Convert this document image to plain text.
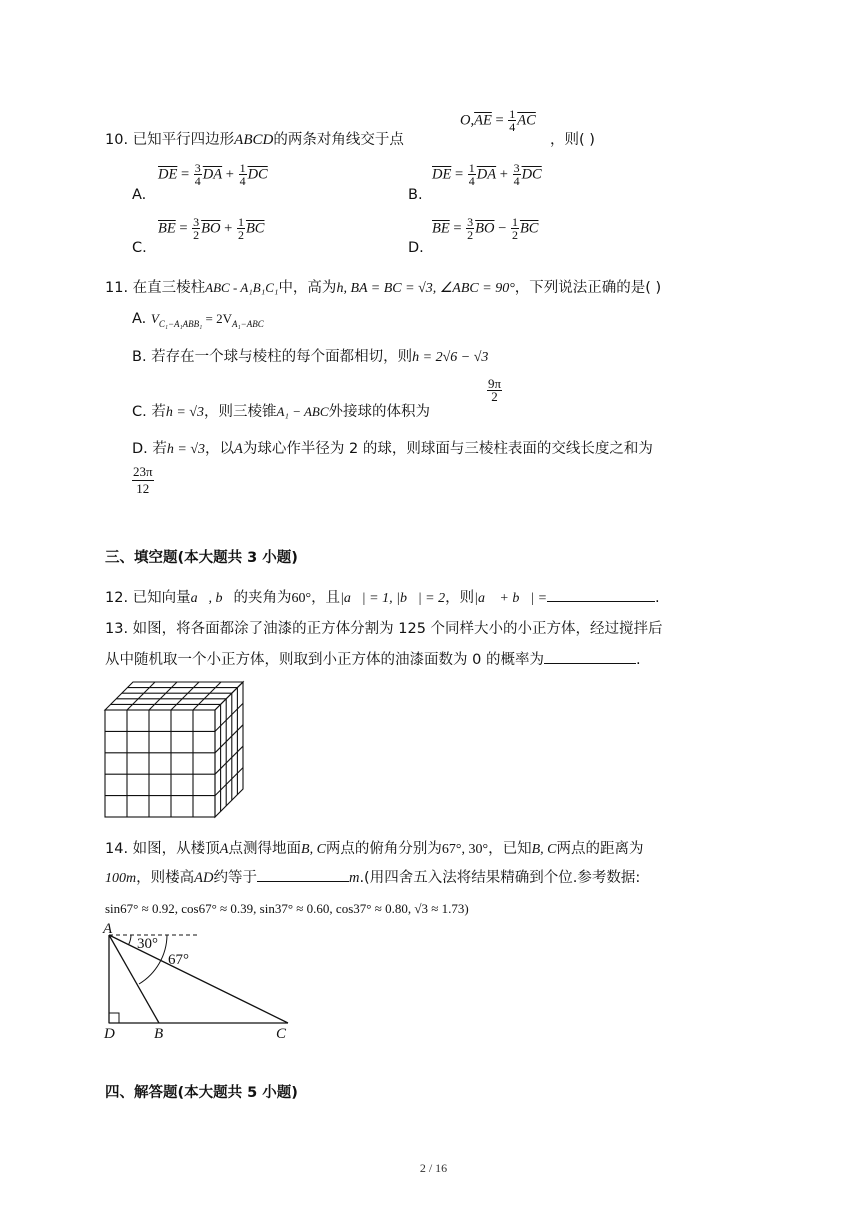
10. 已知平行四边形ABCD的两条对角线交于点
$O,\overline{AE} = \frac{1}{4} \overline{AC}$
，则( )
A.
$\overline{DE} = \frac{3}{4} \overline{DA} + \frac{1}{4} \overline{DC}$
B.
$\overline{DE} = \frac{1}{4} \overline{DA} + \frac{3}{4} \overline{DC}$
C.
$\overline{BE} = \frac{3}{2} \overline{BO} + \frac{1}{2} \overline{BC}$
D.
$\overline{BE} = \frac{3}{2} \overline{BO} - \frac{1}{2} \overline{BC}$
11. 在直三棱柱ABC - A₁B₁C₁中，高为h, BA = BC = √3, ∠ABC = 90°，下列说法正确的是( )
A. $V_{C_1-A_1ABB_1} = 2V_{A_1-ABC}$
B. 若存在一个球与棱柱的每个面都相切，则h = 2√6 − √3
C. 若h = √3，则三棱锥A₁ − ABC外接球的体积为
$\frac{9\pi}{2}$
D. 若h = √3，以A为球心作半径为 2 的球，则球面与三棱柱表面的交线长度之和为
$\frac{23\pi}{12}$
三、填空题(本大题共 3 小题)
12. 已知向量a⃗, b⃗的夹角为60°，且|a⃗| = 1, |b⃗| = 2，则|a⃗ + b⃗| =	.
13. 如图，将各面都涂了油漆的正方体分割为 125 个同样大小的小正方体，经过搅拌后
从中随机取一个小正方体，则取到小正方体的油漆面数为 0 的概率为	.
14. 如图，从楼顶A点测得地面B, C两点的俯角分别为67°, 30°，已知B, C两点的距离为
100m，则楼高AD约等于	m.(用四舍五入法将结果精确到个位.参考数据:
sin67° ≈ 0.92, cos67° ≈ 0.39, sin37° ≈ 0.60, cos37° ≈ 0.80, √3 ≈ 1.73)
A
D	B	C
30°
67°
四、解答题(本大题共 5 小题)
2 / 16
